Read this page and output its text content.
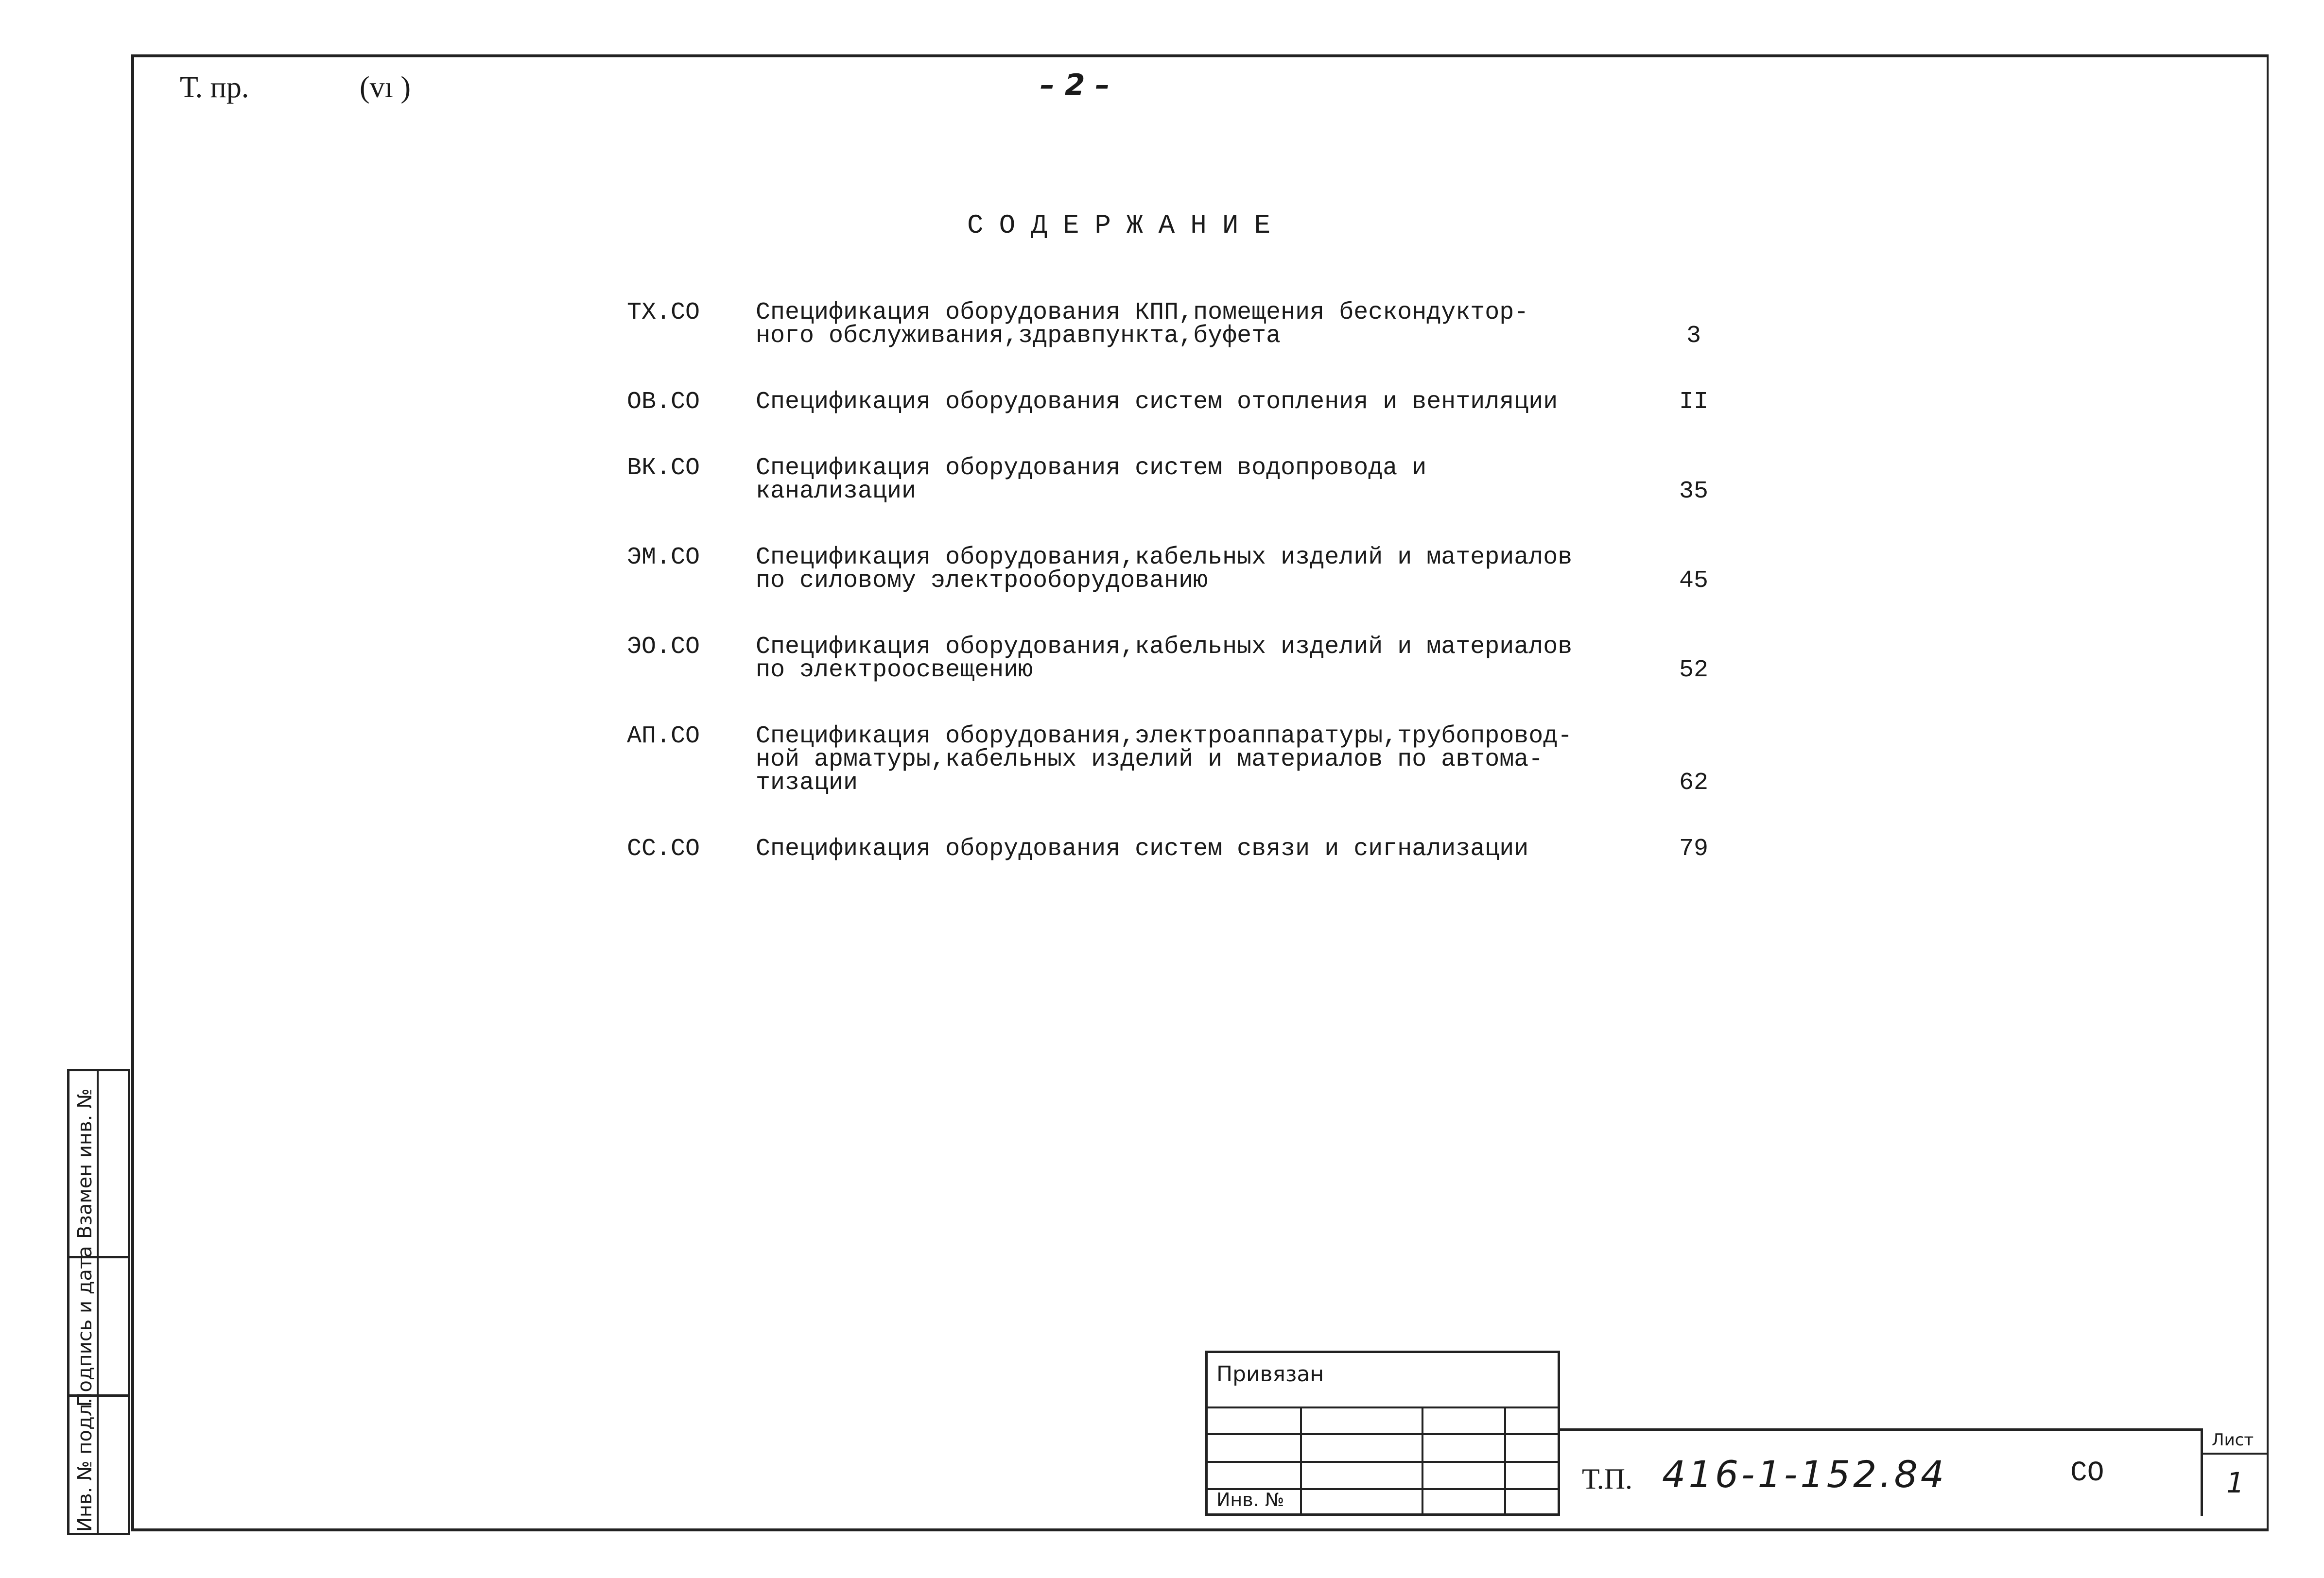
Т. пр.	(vı )	– 2 –
СОДЕРЖАНИЕ
ТХ.СО	Спецификация оборудования КПП,помещения бескондуктор-
ного обслуживания,здравпункта,буфета	3
ОВ.СО	Спецификация оборудования систем отопления и вентиляции	II
ВК.СО	Спецификация оборудования систем водопровода и
канализации	35
ЭМ.СО	Спецификация оборудования,кабельных изделий и материалов
по силовому электрооборудованию	45
ЭО.СО	Спецификация оборудования,кабельных изделий и материалов
по электроосвещению	52
АП.СО	Спецификация оборудования,электроаппаратуры,трубопровод-
ной арматуры,кабельных изделий и материалов по автома-
тизации	62
СС.СО	Спецификация оборудования систем связи и сигнализации	79
Взамен инв. №
Подпись и дата
Инв. № подл.
Привязан
Инв. №
Т.П. 416-1-152.84	СО
Лист
1
